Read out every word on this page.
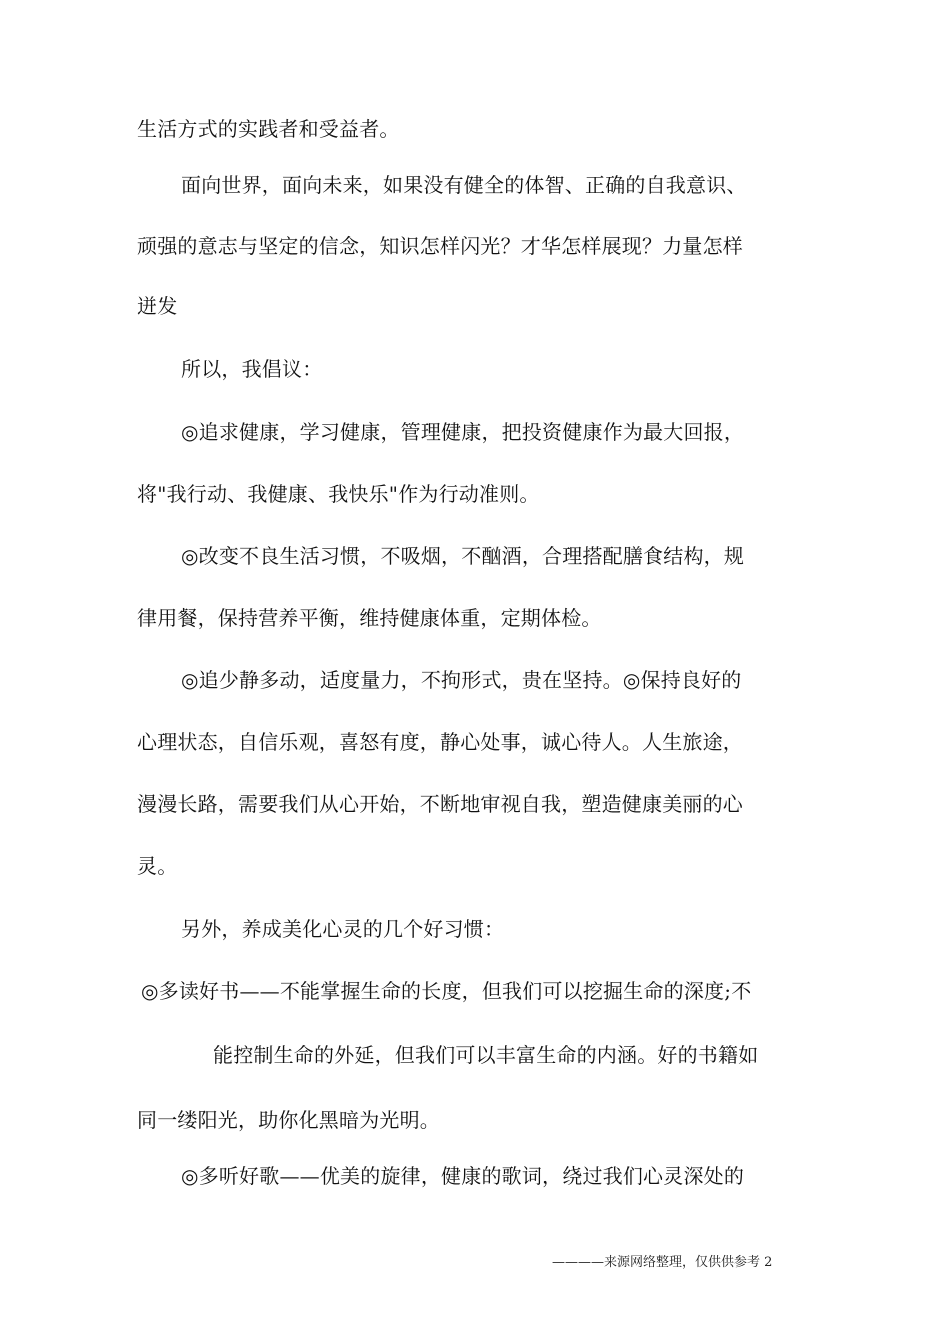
生活方式的实践者和受益者。
面向世界，面向未来，如果没有健全的体智、正确的自我意识、
顽强的意志与坚定的信念，知识怎样闪光？才华怎样展现？力量怎样
迸发
所以，我倡议：
◎追求健康，学习健康，管理健康，把投资健康作为最大回报，
将"我行动、我健康、我快乐"作为行动准则。
◎改变不良生活习惯，不吸烟，不酗酒，合理搭配膳食结构，规
律用餐，保持营养平衡，维持健康体重，定期体检。
◎追少静多动，适度量力，不拘形式，贵在坚持。◎保持良好的
心理状态，自信乐观，喜怒有度，静心处事，诚心待人。人生旅途，
漫漫长路，需要我们从心开始，不断地审视自我，塑造健康美丽的心
灵。
另外，养成美化心灵的几个好习惯：
◎多读好书——不能掌握生命的长度，但我们可以挖掘生命的深度;不
能控制生命的外延，但我们可以丰富生命的内涵。好的书籍如
同一缕阳光，助你化黑暗为光明。
◎多听好歌——优美的旋律，健康的歌词，绕过我们心灵深处的
————来源网络整理，仅供供参考 2
